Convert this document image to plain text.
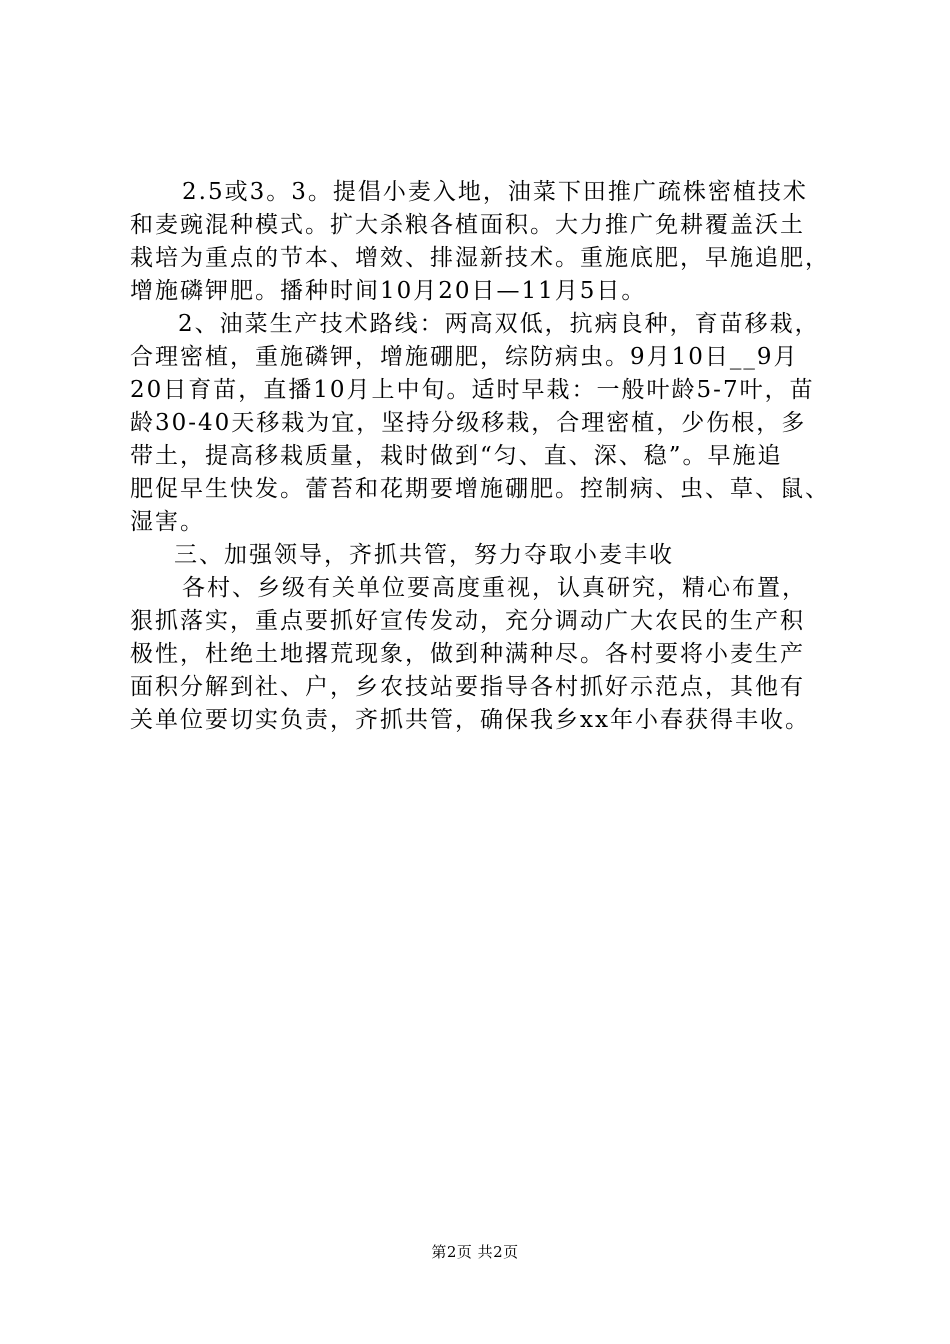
2.5或3。3。提倡小麦入地，油菜下田推广疏株密植技术
和麦豌混种模式。扩大杀粮各植面积。大力推广免耕覆盖沃土
栽培为重点的节本、增效、排湿新技术。重施底肥，早施追肥，
增施磷钾肥。播种时间10月20日—11月5日。

2、油菜生产技术路线：两高双低，抗病良种，育苗移栽，
合理密植，重施磷钾，增施硼肥，综防病虫。9月10日__9月
20日育苗，直播10月上中旬。适时早栽：一般叶龄5-7叶，苗
龄30-40天移栽为宜，坚持分级移栽，合理密植，少伤根，多
带土，提高移栽质量，栽时做到“匀、直、深、稳”。早施追
肥促早生快发。蕾苔和花期要增施硼肥。控制病、虫、草、鼠、
湿害。

三、加强领导，齐抓共管，努力夺取小麦丰收

各村、乡级有关单位要高度重视，认真研究，精心布置，
狠抓落实，重点要抓好宣传发动，充分调动广大农民的生产积
极性，杜绝土地撂荒现象，做到种满种尽。各村要将小麦生产
面积分解到社、户，乡农技站要指导各村抓好示范点，其他有
关单位要切实负责，齐抓共管，确保我乡xx年小春获得丰收。

第2页 共2页
